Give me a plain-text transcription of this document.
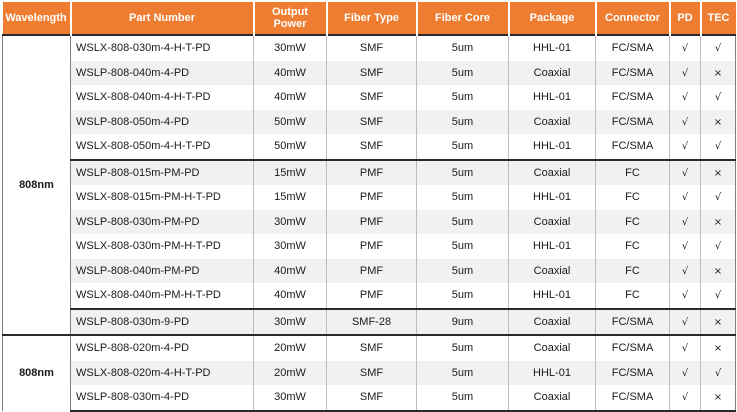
Wavelength	Part Number	Output Power	Fiber Type	Fiber Core	Package	Connector	PD	TEC
808nm	WSLX-808-030m-4-H-T-PD	30mW	SMF	5um	HHL-01	FC/SMA	√	√
	WSLP-808-040m-4-PD	40mW	SMF	5um	Coaxial	FC/SMA	√	×
	WSLX-808-040m-4-H-T-PD	40mW	SMF	5um	HHL-01	FC/SMA	√	√
	WSLP-808-050m-4-PD	50mW	SMF	5um	Coaxial	FC/SMA	√	×
	WSLX-808-050m-4-H-T-PD	50mW	SMF	5um	HHL-01	FC/SMA	√	√
	WSLP-808-015m-PM-PD	15mW	PMF	5um	Coaxial	FC	√	×
	WSLX-808-015m-PM-H-T-PD	15mW	PMF	5um	HHL-01	FC	√	√
	WSLP-808-030m-PM-PD	30mW	PMF	5um	Coaxial	FC	√	×
	WSLX-808-030m-PM-H-T-PD	30mW	PMF	5um	HHL-01	FC	√	√
	WSLP-808-040m-PM-PD	40mW	PMF	5um	Coaxial	FC	√	×
	WSLX-808-040m-PM-H-T-PD	40mW	PMF	5um	HHL-01	FC	√	√
	WSLP-808-030m-9-PD	30mW	SMF-28	9um	Coaxial	FC/SMA	√	×
808nm	WSLP-808-020m-4-PD	20mW	SMF	5um	Coaxial	FC/SMA	√	×
	WSLX-808-020m-4-H-T-PD	20mW	SMF	5um	HHL-01	FC/SMA	√	√
	WSLP-808-030m-4-PD	30mW	SMF	5um	Coaxial	FC/SMA	√	×
